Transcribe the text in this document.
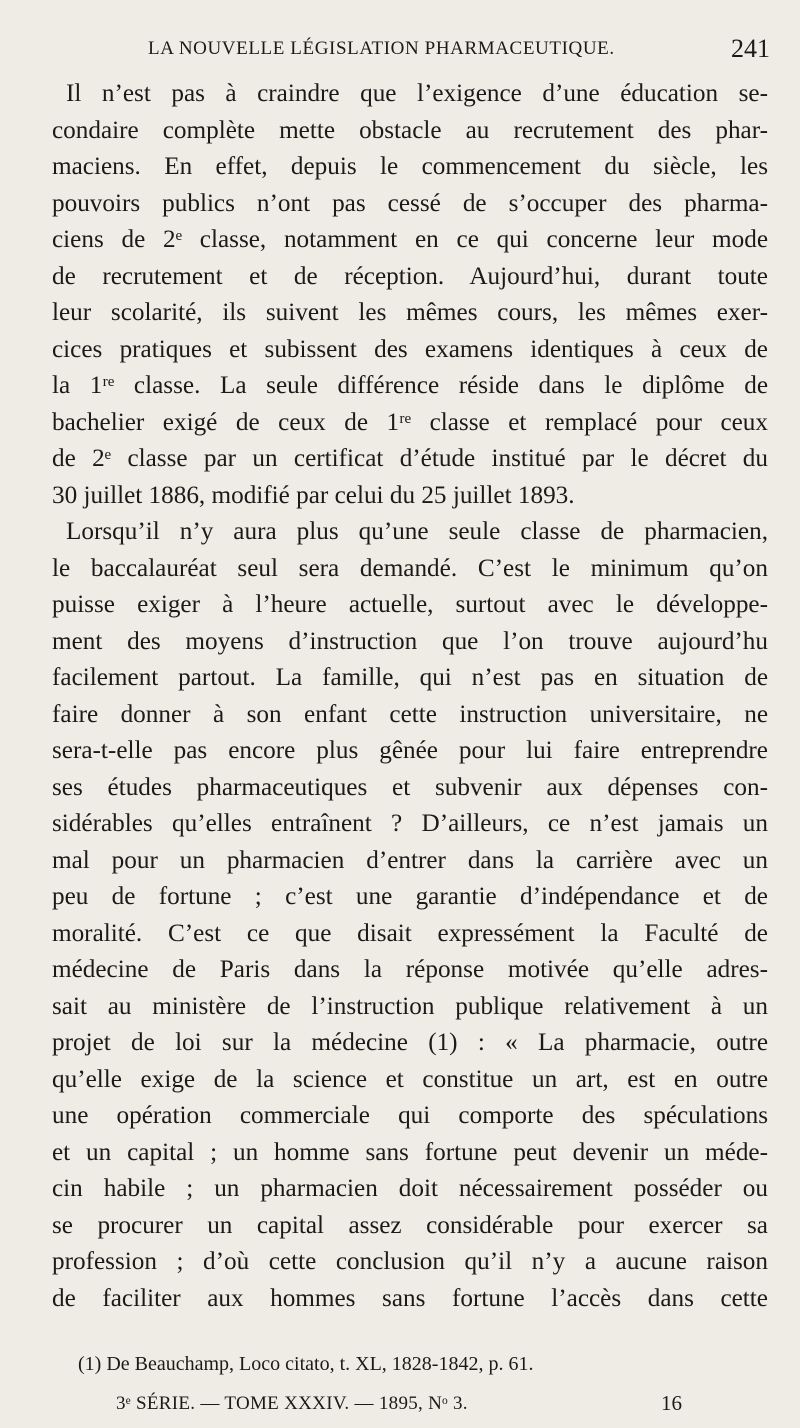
LA NOUVELLE LÉGISLATION PHARMACEUTIQUE.	241
Il n’est pas à craindre que l’exigence d’une éducation se-
condaire complète mette obstacle au recrutement des phar-
maciens. En effet, depuis le commencement du siècle, les
pouvoirs publics n’ont pas cessé de s’occuper des pharma-
ciens de 2ᵉ classe, notamment en ce qui concerne leur mode
de recrutement et de réception. Aujourd’hui, durant toute
leur scolarité, ils suivent les mêmes cours, les mêmes exer-
cices pratiques et subissent des examens identiques à ceux de
la 1ʳᵉ classe. La seule différence réside dans le diplôme de
bachelier exigé de ceux de 1ʳᵉ classe et remplacé pour ceux
de 2ᵉ classe par un certificat d’étude institué par le décret du
30 juillet 1886, modifié par celui du 25 juillet 1893.
Lorsqu’il n’y aura plus qu’une seule classe de pharmacien,
le baccalauréat seul sera demandé. C’est le minimum qu’on
puisse exiger à l’heure actuelle, surtout avec le développe-
ment des moyens d’instruction que l’on trouve aujourd’hu
facilement partout. La famille, qui n’est pas en situation de
faire donner à son enfant cette instruction universitaire, ne
sera-t-elle pas encore plus gênée pour lui faire entreprendre
ses études pharmaceutiques et subvenir aux dépenses con-
sidérables qu’elles entraînent ? D’ailleurs, ce n’est jamais un
mal pour un pharmacien d’entrer dans la carrière avec un
peu de fortune ; c’est une garantie d’indépendance et de
moralité. C’est ce que disait expressément la Faculté de
médecine de Paris dans la réponse motivée qu’elle adres-
sait au ministère de l’instruction publique relativement à un
projet de loi sur la médecine (1) : « La pharmacie, outre
qu’elle exige de la science et constitue un art, est en outre
une opération commerciale qui comporte des spéculations
et un capital ; un homme sans fortune peut devenir un méde-
cin habile ; un pharmacien doit nécessairement posséder ou
se procurer un capital assez considérable pour exercer sa
profession ; d’où cette conclusion qu’il n’y a aucune raison
de faciliter aux hommes sans fortune l’accès dans cette
(1) De Beauchamp, Loco citato, t. XL, 1828-1842, p. 61.
3ᵉ SÉRIE. — TOME XXXIV. — 1895, Nᵒ 3.	16
